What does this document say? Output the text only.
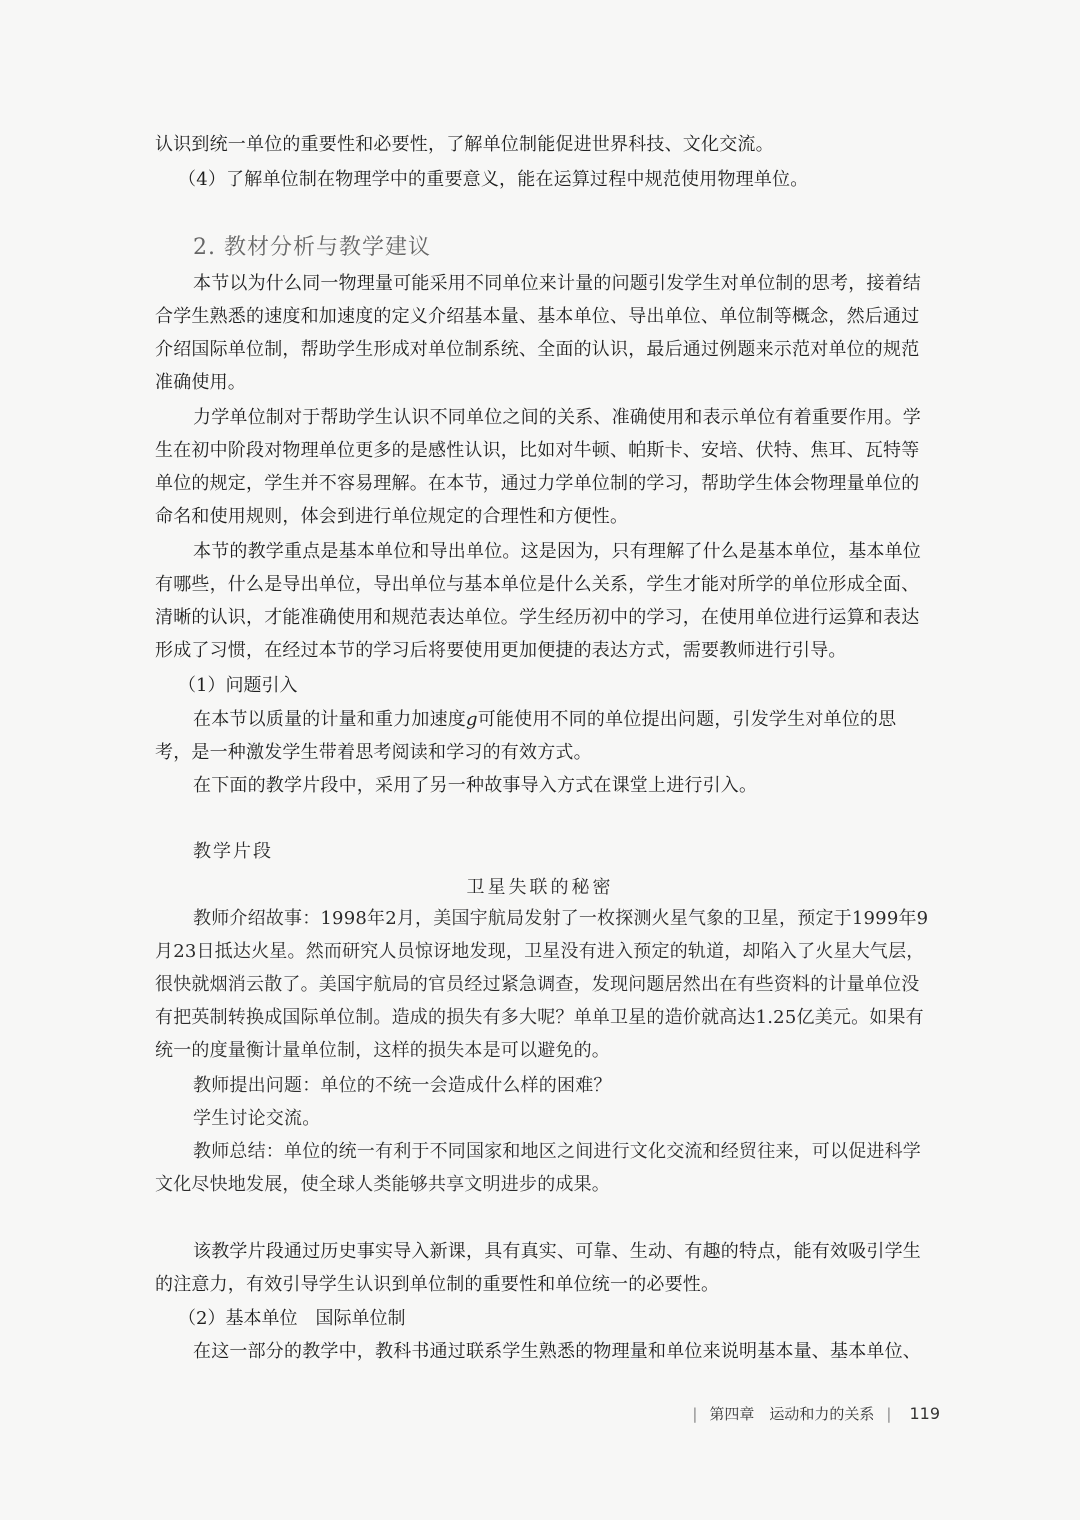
认识到统一单位的重要性和必要性，了解单位制能促进世界科技、文化交流。
（4）了解单位制在物理学中的重要意义，能在运算过程中规范使用物理单位。
2. 教材分析与教学建议
本节以为什么同一物理量可能采用不同单位来计量的问题引发学生对单位制的思考，接着结
合学生熟悉的速度和加速度的定义介绍基本量、基本单位、导出单位、单位制等概念，然后通过
介绍国际单位制，帮助学生形成对单位制系统、全面的认识，最后通过例题来示范对单位的规范
准确使用。
力学单位制对于帮助学生认识不同单位之间的关系、准确使用和表示单位有着重要作用。学
生在初中阶段对物理单位更多的是感性认识，比如对牛顿、帕斯卡、安培、伏特、焦耳、瓦特等
单位的规定，学生并不容易理解。在本节，通过力学单位制的学习，帮助学生体会物理量单位的
命名和使用规则，体会到进行单位规定的合理性和方便性。
本节的教学重点是基本单位和导出单位。这是因为，只有理解了什么是基本单位，基本单位
有哪些，什么是导出单位，导出单位与基本单位是什么关系，学生才能对所学的单位形成全面、
清晰的认识，才能准确使用和规范表达单位。学生经历初中的学习，在使用单位进行运算和表达
形成了习惯，在经过本节的学习后将要使用更加便捷的表达方式，需要教师进行引导。
（1）问题引入
在本节以质量的计量和重力加速度g可能使用不同的单位提出问题，引发学生对单位的思
考，是一种激发学生带着思考阅读和学习的有效方式。
在下面的教学片段中，采用了另一种故事导入方式在课堂上进行引入。
教学片段
卫星失联的秘密
教师介绍故事：1998年2月，美国宇航局发射了一枚探测火星气象的卫星，预定于1999年9
月23日抵达火星。然而研究人员惊讶地发现，卫星没有进入预定的轨道，却陷入了火星大气层，
很快就烟消云散了。美国宇航局的官员经过紧急调查，发现问题居然出在有些资料的计量单位没
有把英制转换成国际单位制。造成的损失有多大呢？单单卫星的造价就高达1.25亿美元。如果有
统一的度量衡计量单位制，这样的损失本是可以避免的。
教师提出问题：单位的不统一会造成什么样的困难？
学生讨论交流。
教师总结：单位的统一有利于不同国家和地区之间进行文化交流和经贸往来，可以促进科学
文化尽快地发展，使全球人类能够共享文明进步的成果。
该教学片段通过历史事实导入新课，具有真实、可靠、生动、有趣的特点，能有效吸引学生
的注意力，有效引导学生认识到单位制的重要性和单位统一的必要性。
（2）基本单位　国际单位制
在这一部分的教学中，教科书通过联系学生熟悉的物理量和单位来说明基本量、基本单位、
| 第四章　运动和力的关系 | 119
